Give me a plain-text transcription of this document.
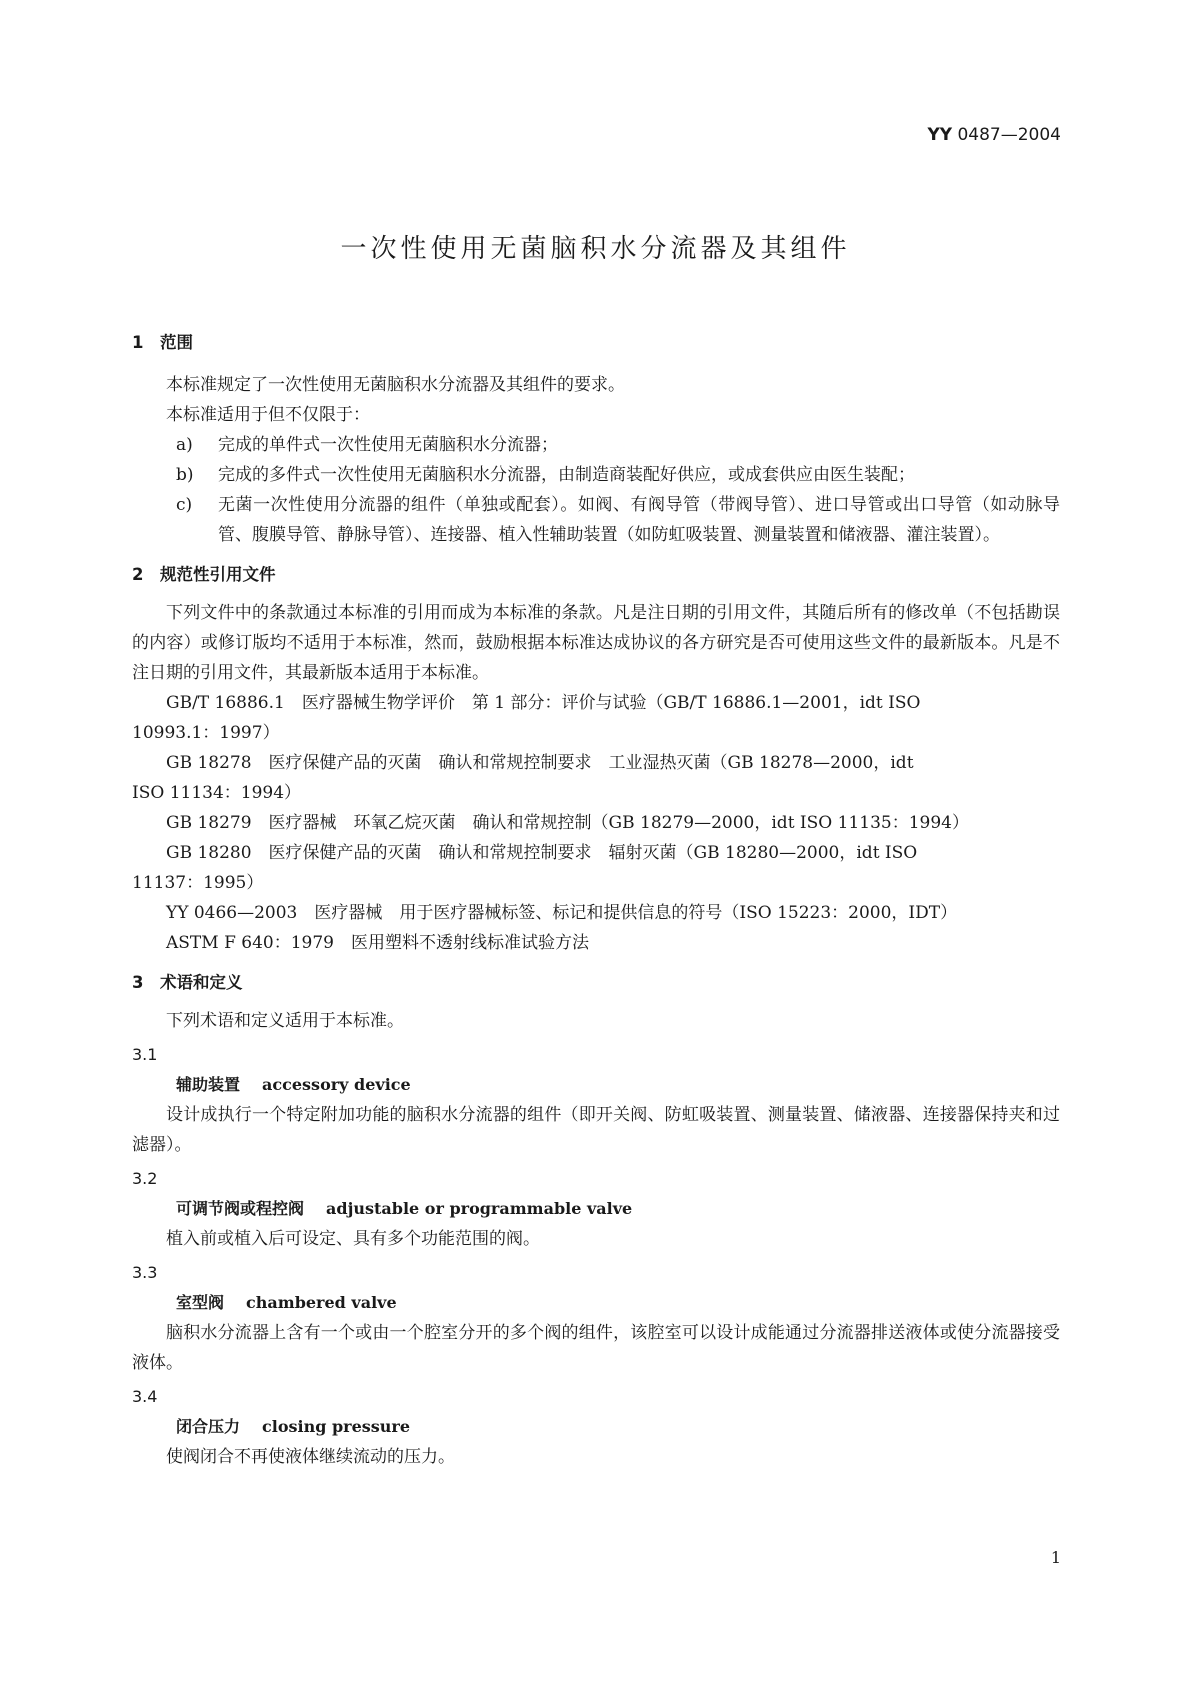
YY 0487—2004
一次性使用无菌脑积水分流器及其组件
1 范围
本标准规定了一次性使用无菌脑积水分流器及其组件的要求。
本标准适用于但不仅限于：
a)	完成的单件式一次性使用无菌脑积水分流器；
b)	完成的多件式一次性使用无菌脑积水分流器，由制造商装配好供应，或成套供应由医生装配；
c)	无菌一次性使用分流器的组件（单独或配套）。如阀、有阀导管（带阀导管）、进口导管或出口导管（如动脉导管、腹膜导管、静脉导管）、连接器、植入性辅助装置（如防虹吸装置、测量装置和储液器、灌注装置）。
2 规范性引用文件
下列文件中的条款通过本标准的引用而成为本标准的条款。凡是注日期的引用文件，其随后所有的修改单（不包括勘误的内容）或修订版均不适用于本标准，然而，鼓励根据本标准达成协议的各方研究是否可使用这些文件的最新版本。凡是不注日期的引用文件，其最新版本适用于本标准。
GB/T 16886.1　医疗器械生物学评价　第 1 部分：评价与试验（GB/T 16886.1—2001，idt ISO
10993.1：1997）
GB 18278　医疗保健产品的灭菌　确认和常规控制要求　工业湿热灭菌（GB 18278—2000，idt
ISO 11134：1994）
GB 18279　医疗器械　环氧乙烷灭菌　确认和常规控制（GB 18279—2000，idt ISO 11135：1994）
GB 18280　医疗保健产品的灭菌　确认和常规控制要求　辐射灭菌（GB 18280—2000，idt ISO
11137：1995）
YY 0466—2003　医疗器械　用于医疗器械标签、标记和提供信息的符号（ISO 15223：2000，IDT）
ASTM F 640：1979　医用塑料不透射线标准试验方法
3 术语和定义
下列术语和定义适用于本标准。
3.1
辅助装置 accessory device
设计成执行一个特定附加功能的脑积水分流器的组件（即开关阀、防虹吸装置、测量装置、储液器、连接器保持夹和过滤器）。
3.2
可调节阀或程控阀 adjustable or programmable valve
植入前或植入后可设定、具有多个功能范围的阀。
3.3
室型阀 chambered valve
脑积水分流器上含有一个或由一个腔室分开的多个阀的组件，该腔室可以设计成能通过分流器排送液体或使分流器接受液体。
3.4
闭合压力 closing pressure
使阀闭合不再使液体继续流动的压力。
1
